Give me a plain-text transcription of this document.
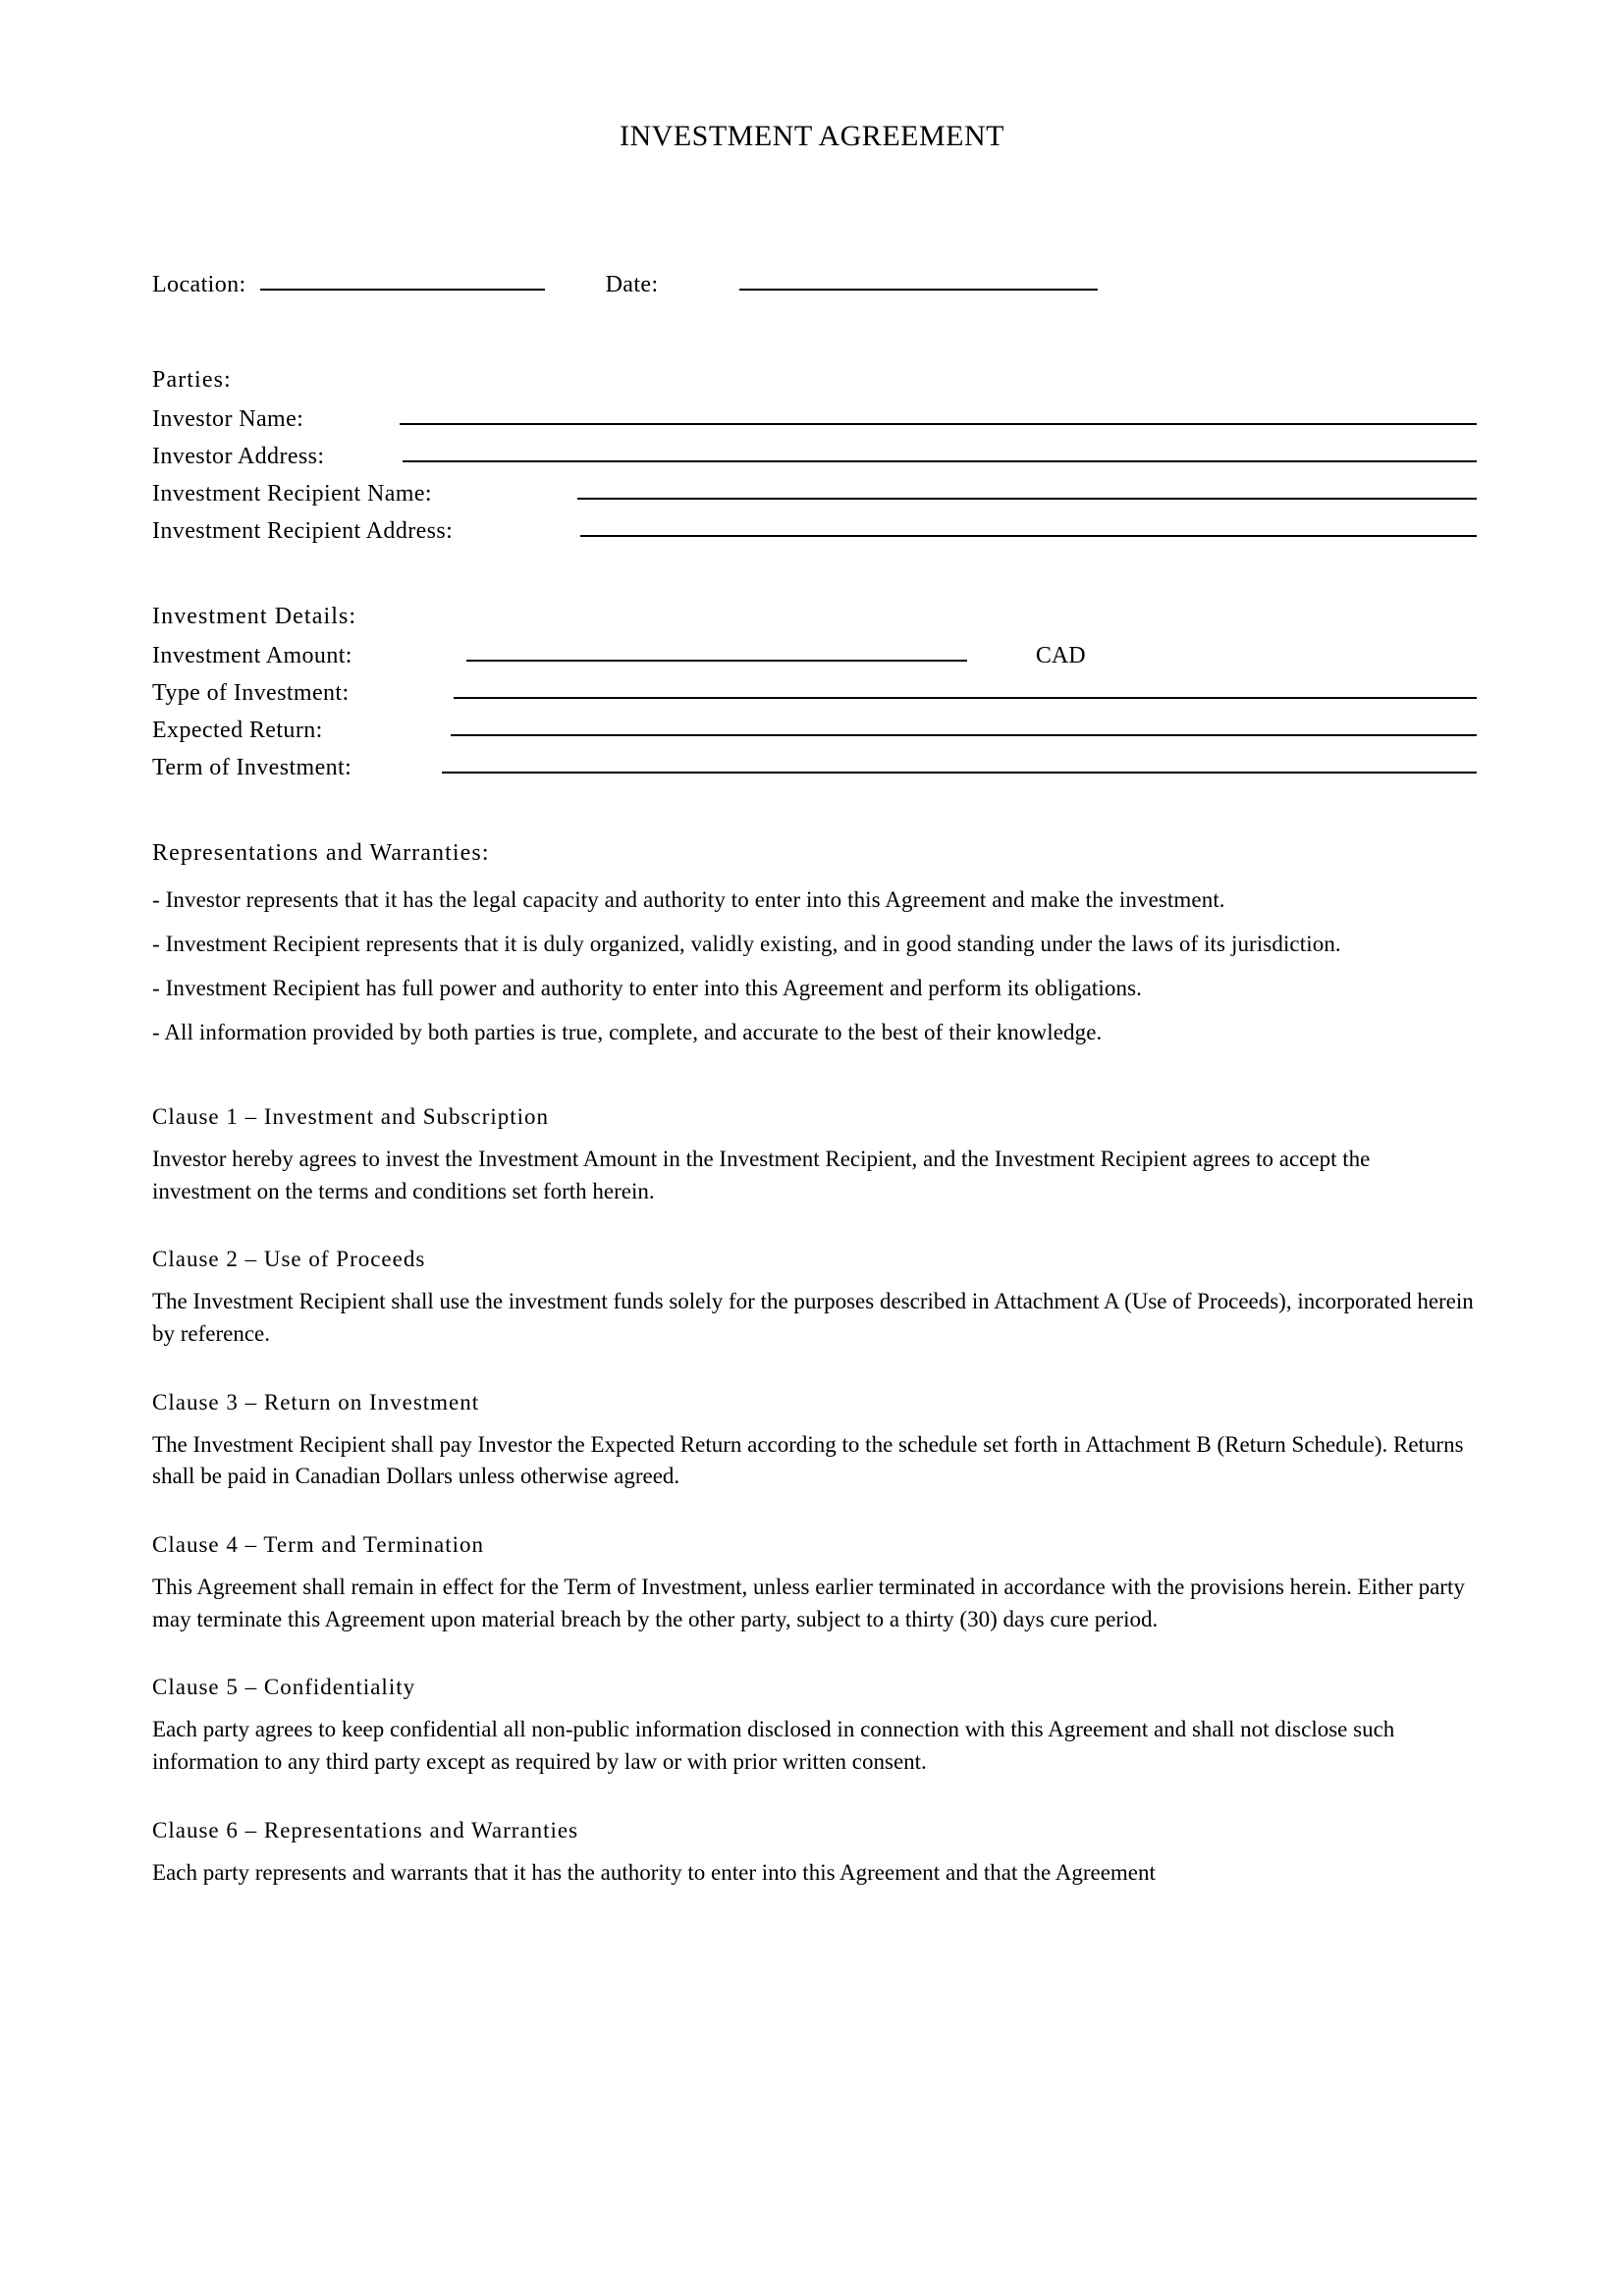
INVESTMENT AGREEMENT
Location:	Date:
Parties:
Investor Name:
Investor Address:
Investment Recipient Name:
Investment Recipient Address:
Investment Details:
Investment Amount:	CAD
Type of Investment:
Expected Return:
Term of Investment:
Representations and Warranties:
- Investor represents that it has the legal capacity and authority to enter into this Agreement and make the investment.
- Investment Recipient represents that it is duly organized, validly existing, and in good standing under the laws of its jurisdiction.
- Investment Recipient has full power and authority to enter into this Agreement and perform its obligations.
- All information provided by both parties is true, complete, and accurate to the best of their knowledge.
Clause 1 – Investment and Subscription

Investor hereby agrees to invest the Investment Amount in the Investment Recipient, and the Investment Recipient agrees to accept the investment on the terms and conditions set forth herein.

Clause 2 – Use of Proceeds

The Investment Recipient shall use the investment funds solely for the purposes described in Attachment A (Use of Proceeds), incorporated herein by reference.

Clause 3 – Return on Investment

The Investment Recipient shall pay Investor the Expected Return according to the schedule set forth in Attachment B (Return Schedule). Returns shall be paid in Canadian Dollars unless otherwise agreed.

Clause 4 – Term and Termination

This Agreement shall remain in effect for the Term of Investment, unless earlier terminated in accordance with the provisions herein. Either party may terminate this Agreement upon material breach by the other party, subject to a thirty (30) days cure period.

Clause 5 – Confidentiality

Each party agrees to keep confidential all non-public information disclosed in connection with this Agreement and shall not disclose such information to any third party except as required by law or with prior written consent.

Clause 6 – Representations and Warranties

Each party represents and warrants that it has the authority to enter into this Agreement and that the Agreement
